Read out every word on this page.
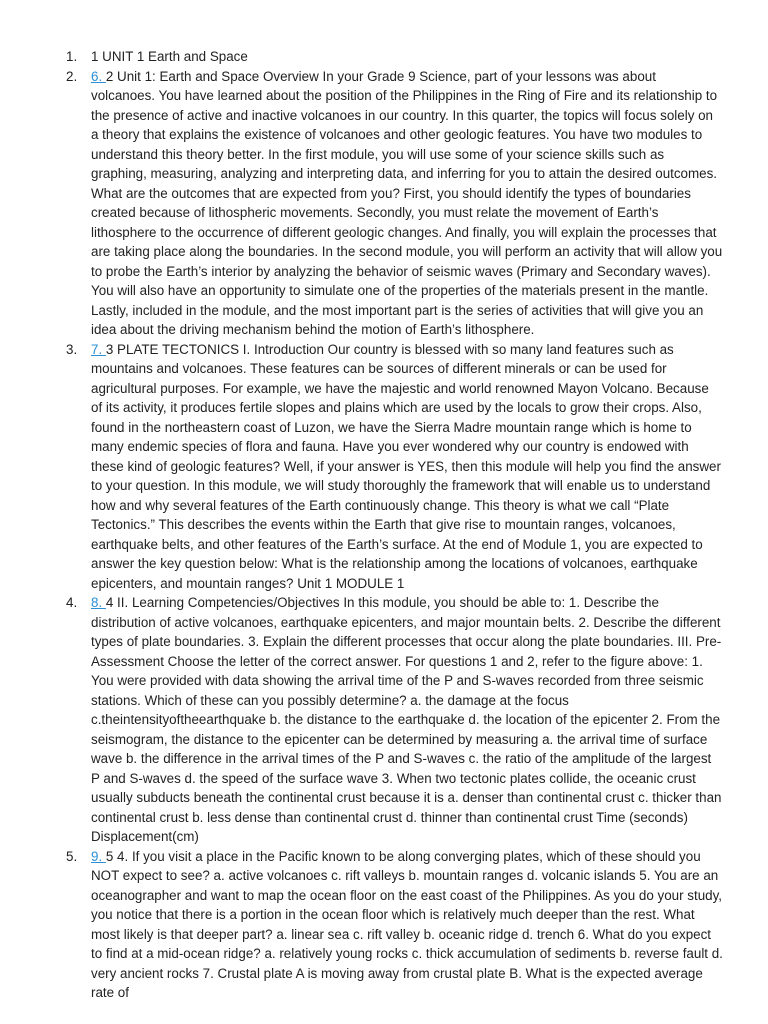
1. 1 UNIT 1 Earth and Space
2. 6. 2 Unit 1: Earth and Space Overview In your Grade 9 Science, part of your lessons was about volcanoes. You have learned about the position of the Philippines in the Ring of Fire and its relationship to the presence of active and inactive volcanoes in our country. In this quarter, the topics will focus solely on a theory that explains the existence of volcanoes and other geologic features. You have two modules to understand this theory better. In the first module, you will use some of your science skills such as graphing, measuring, analyzing and interpreting data, and inferring for you to attain the desired outcomes. What are the outcomes that are expected from you? First, you should identify the types of boundaries created because of lithospheric movements. Secondly, you must relate the movement of Earth’s lithosphere to the occurrence of different geologic changes. And finally, you will explain the processes that are taking place along the boundaries. In the second module, you will perform an activity that will allow you to probe the Earth’s interior by analyzing the behavior of seismic waves (Primary and Secondary waves). You will also have an opportunity to simulate one of the properties of the materials present in the mantle. Lastly, included in the module, and the most important part is the series of activities that will give you an idea about the driving mechanism behind the motion of Earth’s lithosphere.
3. 7. 3 PLATE TECTONICS I. Introduction Our country is blessed with so many land features such as mountains and volcanoes. These features can be sources of different minerals or can be used for agricultural purposes. For example, we have the majestic and world renowned Mayon Volcano. Because of its activity, it produces fertile slopes and plains which are used by the locals to grow their crops. Also, found in the northeastern coast of Luzon, we have the Sierra Madre mountain range which is home to many endemic species of flora and fauna. Have you ever wondered why our country is endowed with these kind of geologic features? Well, if your answer is YES, then this module will help you find the answer to your question. In this module, we will study thoroughly the framework that will enable us to understand how and why several features of the Earth continuously change. This theory is what we call “Plate Tectonics.” This describes the events within the Earth that give rise to mountain ranges, volcanoes, earthquake belts, and other features of the Earth’s surface. At the end of Module 1, you are expected to answer the key question below: What is the relationship among the locations of volcanoes, earthquake epicenters, and mountain ranges? Unit 1 MODULE 1
4. 8. 4 II. Learning Competencies/Objectives In this module, you should be able to: 1. Describe the distribution of active volcanoes, earthquake epicenters, and major mountain belts. 2. Describe the different types of plate boundaries. 3. Explain the different processes that occur along the plate boundaries. III. Pre-Assessment Choose the letter of the correct answer. For questions 1 and 2, refer to the figure above: 1. You were provided with data showing the arrival time of the P and S-waves recorded from three seismic stations. Which of these can you possibly determine? a. the damage at the focus c.theintensityoftheearthquake b. the distance to the earthquake d. the location of the epicenter 2. From the seismogram, the distance to the epicenter can be determined by measuring a. the arrival time of surface wave b. the difference in the arrival times of the P and S-waves c. the ratio of the amplitude of the largest P and S-waves d. the speed of the surface wave 3. When two tectonic plates collide, the oceanic crust usually subducts beneath the continental crust because it is a. denser than continental crust c. thicker than continental crust b. less dense than continental crust d. thinner than continental crust Time (seconds) Displacement(cm)
5. 9. 5 4. If you visit a place in the Pacific known to be along converging plates, which of these should you NOT expect to see? a. active volcanoes c. rift valleys b. mountain ranges d. volcanic islands 5. You are an oceanographer and want to map the ocean floor on the east coast of the Philippines. As you do your study, you notice that there is a portion in the ocean floor which is relatively much deeper than the rest. What most likely is that deeper part? a. linear sea c. rift valley b. oceanic ridge d. trench 6. What do you expect to find at a mid-ocean ridge? a. relatively young rocks c. thick accumulation of sediments b. reverse fault d. very ancient rocks 7. Crustal plate A is moving away from crustal plate B. What is the expected average rate of
